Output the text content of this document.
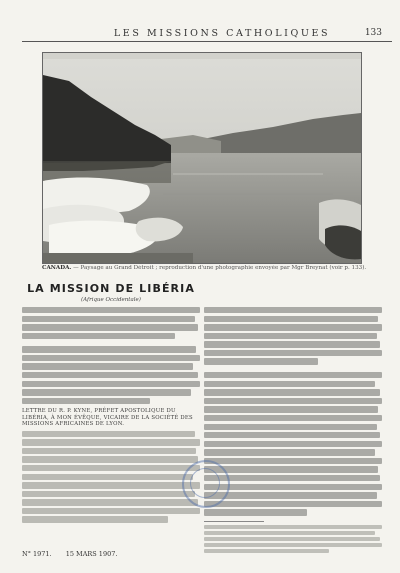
LES MISSIONS CATHOLIQUES	133
CANADA. — Paysage au Grand Détroit ; reproduction d'une photographie envoyée par Mgr Breynat (voir p. 133).
LA MISSION DE LIBÉRIA
(Afrique Occidentale)
LETTRE DU R. P. KYNE, PRÉFET APOSTOLIQUE DU LIBÉRIA, À MON ÉVÊQUE, VICAIRE DE LA SOCIÉTÉ DES MISSIONS AFRICAINES DE LYON.
N° 1971. 15 MARS 1907.
